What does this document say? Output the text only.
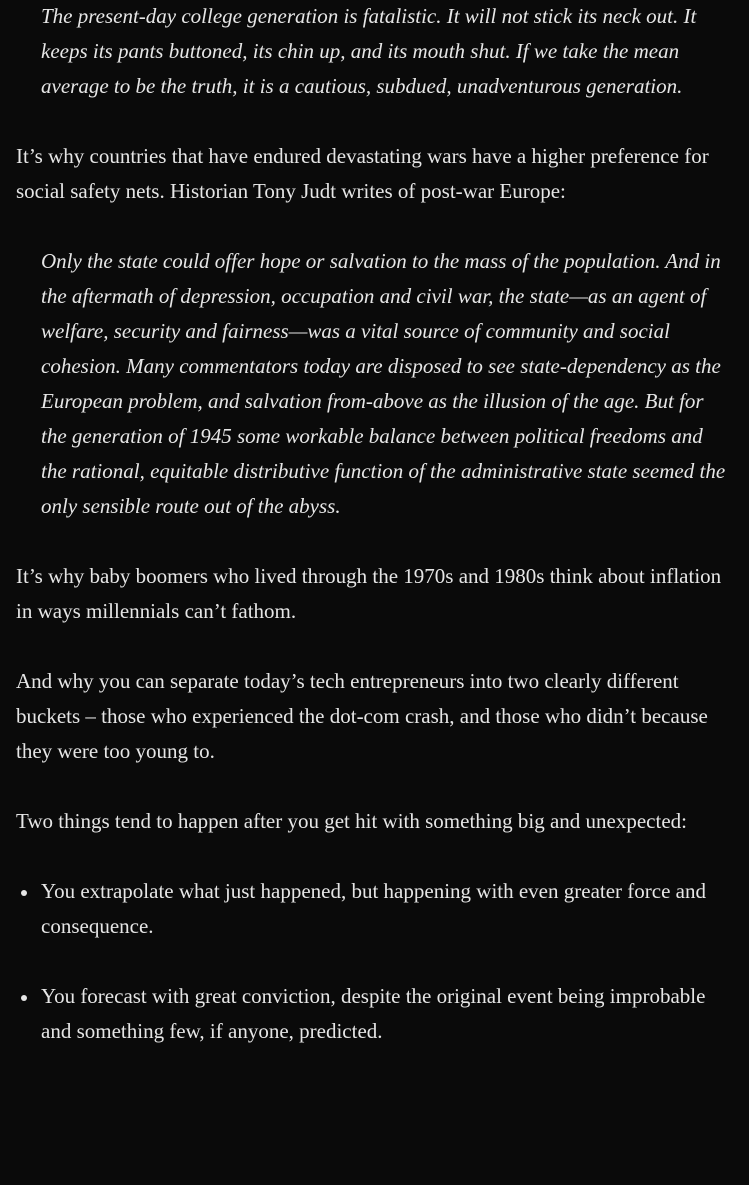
The present-day college generation is fatalistic. It will not stick its neck out. It keeps its pants buttoned, its chin up, and its mouth shut. If we take the mean average to be the truth, it is a cautious, subdued, unadventurous generation.

It’s why countries that have endured devastating wars have a higher preference for social safety nets. Historian Tony Judt writes of post-war Europe:

Only the state could offer hope or salvation to the mass of the population. And in the aftermath of depression, occupation and civil war, the state—as an agent of welfare, security and fairness—was a vital source of community and social cohesion. Many commentators today are disposed to see state-dependency as the European problem, and salvation from-above as the illusion of the age. But for the generation of 1945 some workable balance between political freedoms and the rational, equitable distributive function of the administrative state seemed the only sensible route out of the abyss.

It’s why baby boomers who lived through the 1970s and 1980s think about inflation in ways millennials can’t fathom.

And why you can separate today’s tech entrepreneurs into two clearly different buckets – those who experienced the dot-com crash, and those who didn’t because they were too young to.

Two things tend to happen after you get hit with something big and unexpected:

You extrapolate what just happened, but happening with even greater force and consequence.
You forecast with great conviction, despite the original event being improbable and something few, if anyone, predicted.
